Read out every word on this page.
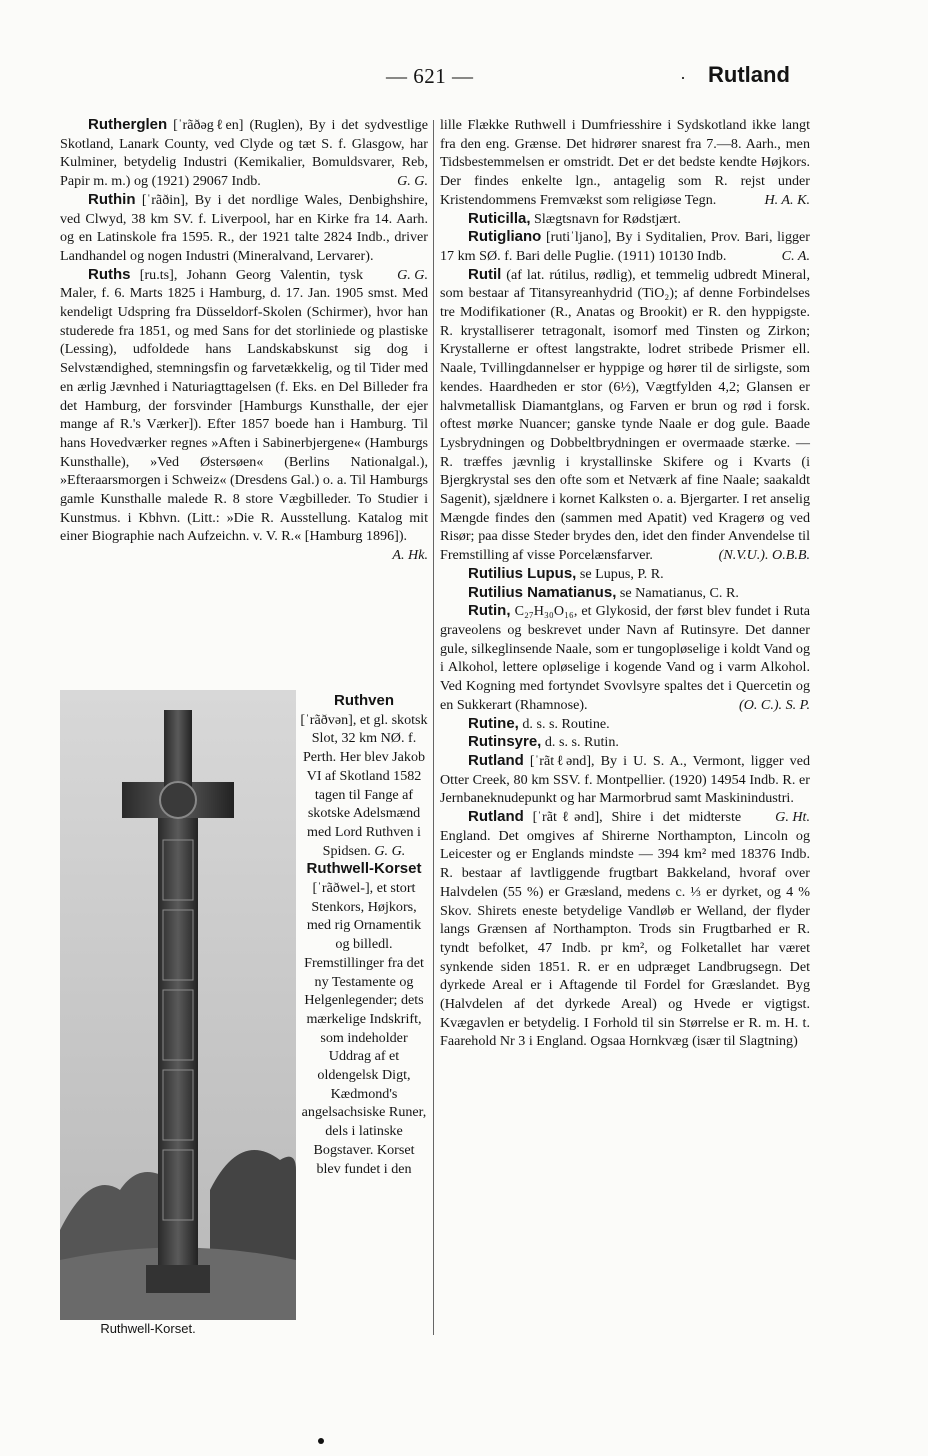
— 621 —	· Rutland

Rutherglen [ˈrãðəgℓen] (Ruglen), By i det sydvestlige Skotland, Lanark County, ved Clyde og tæt S. f. Glasgow, har Kulminer, betydelig Industri (Kemikalier, Bomuldsvarer, Reb, Papir m. m.) og (1921) 29067 Indb.	G. G.

Ruthin [ˈrãðin], By i det nordlige Wales, Denbighshire, ved Clwyd, 38 km SV. f. Liverpool, har en Kirke fra 14. Aarh. og en Latinskole fra 1595. R., der 1921 talte 2824 Indb., driver Landhandel og nogen Industri (Mineralvand, Lervarer).
G. G.

Ruths [ru.ts], Johann Georg Valentin, tysk Maler, f. 6. Marts 1825 i Hamburg, d. 17. Jan. 1905 smst. Med kendeligt Udspring fra Düsseldorf-Skolen (Schirmer), hvor han studerede fra 1851, og med Sans for det storliniede og plastiske (Lessing), udfoldede hans Landskabskunst sig dog i Selvstændighed, stemningsfin og farvetækkelig, og til Tider med en ærlig Jævnhed i Naturiagttagelsen (f. Eks. en Del Billeder fra det Hamburg, der forsvinder [Hamburgs Kunsthalle, der ejer mange af R.'s Værker]). Efter 1857 boede han i Hamburg. Til hans Hovedværker regnes »Aften i Sabinerbjergene« (Hamburgs Kunsthalle), »Ved Østersøen« (Berlins Nationalgal.), »Efteraarsmorgen i Schweiz« (Dresdens Gal.) o. a. Til Hamburgs gamle Kunsthalle malede R. 8 store Vægbilleder. To Studier i Kunstmus. i Kbhvn. (Litt.: »Die R. Ausstellung. Katalog mit einer Biographie nach Aufzeichn. v. V. R.« [Hamburg 1896]).
A. Hk.

Ruthwell-Korset.
Ruthven
[ˈrãðvən], et gl. skotsk Slot, 32 km NØ. f. Perth. Her blev Jakob VI af Skotland 1582 tagen til Fange af skotske Adelsmænd med Lord Ruthven i Spidsen. G. G.
Ruthwell-Korset
[ˈrãðwel-], et stort Stenkors, Højkors, med rig Ornamentik og billedl. Fremstillinger fra det ny Testamente og Helgenlegender; dets mærkelige Indskrift, som indeholder Uddrag af et oldengelsk Digt, Kædmond's angelsachsiske Runer, dels i latinske Bogstaver. Korset blev fundet i den

lille Flække Ruthwell i Dumfriesshire i Sydskotland ikke langt fra den eng. Grænse. Det hidrører snarest fra 7.—8. Aarh., men Tidsbestemmelsen er omstridt. Det er det bedste kendte Højkors. Der findes enkelte lgn., antagelig som R. rejst under Kristendommens Fremvækst som religiøse Tegn.	H. A. K.

Ruticilla, Slægtsnavn for Rødstjært.

Rutigliano [rutiˈljano], By i Syditalien, Prov. Bari, ligger 17 km SØ. f. Bari delle Puglie. (1911) 10130 Indb.	C. A.

Rutil (af lat. rútilus, rødlig), et temmelig udbredt Mineral, som bestaar af Titansyreanhydrid (TiO₂); af denne Forbindelses tre Modifikationer (R., Anatas og Brookit) er R. den hyppigste. R. krystalliserer tetragonalt, isomorf med Tinsten og Zirkon; Krystallerne er oftest langstrakte, lodret stribede Prismer ell. Naale, Tvillingdannelser er hyppige og hører til de sirligste, som kendes. Haardheden er stor (6½), Vægtfylden 4,2; Glansen er halvmetallisk Diamantglans, og Farven er brun og rød i forsk. oftest mørke Nuancer; ganske tynde Naale er dog gule. Baade Lysbrydningen og Dobbeltbrydningen er overmaade stærke. — R. træffes jævnlig i krystallinske Skifere og i Kvarts (i Bjergkrystal ses den ofte som et Netværk af fine Naale; saakaldt Sagenit), sjældnere i kornet Kalksten o. a. Bjergarter. I ret anselig Mængde findes den (sammen med Apatit) ved Kragerø og ved Risør; paa disse Steder brydes den, idet den finder Anvendelse til Fremstilling af visse Porcelænsfarver.	(N.V.U.). O.B.B.

Rutilius Lupus, se Lupus, P. R.

Rutilius Namatianus, se Namatianus, C. R.

Rutin, C₂₇H₃₀O₁₆, et Glykosid, der først blev fundet i Ruta graveolens og beskrevet under Navn af Rutinsyre. Det danner gule, silkeglinsende Naale, som er tungopløselige i koldt Vand og i Alkohol, lettere opløselige i kogende Vand og i varm Alkohol. Ved Kogning med fortyndet Svovlsyre spaltes det i Quercetin og en Sukkerart (Rhamnose).	(O. C.). S. P.

Rutine, d. s. s. Routine.

Rutinsyre, d. s. s. Rutin.

Rutland [ˈrãtℓənd], By i U. S. A., Vermont, ligger ved Otter Creek, 80 km SSV. f. Montpellier. (1920) 14954 Indb. R. er Jernbaneknudepunkt og har Marmorbrud samt Maskinindustri.
G. Ht.

Rutland [ˈrãtℓənd], Shire i det midterste England. Det omgives af Shirerne Northampton, Lincoln og Leicester og er Englands mindste — 394 km² med 18376 Indb. R. bestaar af lavtliggende frugtbart Bakkeland, hvoraf over Halvdelen (55 %) er Græsland, medens c. ⅓ er dyrket, og 4 % Skov. Shirets eneste betydelige Vandløb er Welland, der flyder langs Grænsen af Northampton. Trods sin Frugtbarhed er R. tyndt befolket, 47 Indb. pr km², og Folketallet har været synkende siden 1851. R. er en udpræget Landbrugsegn. Det dyrkede Areal er i Aftagende til Fordel for Græslandet. Byg (Halvdelen af det dyrkede Areal) og Hvede er vigtigst. Kvægavlen er betydelig. I Forhold til sin Størrelse er R. m. H. t. Faarehold Nr 3 i England. Ogsaa Hornkvæg (især til Slagtning)
